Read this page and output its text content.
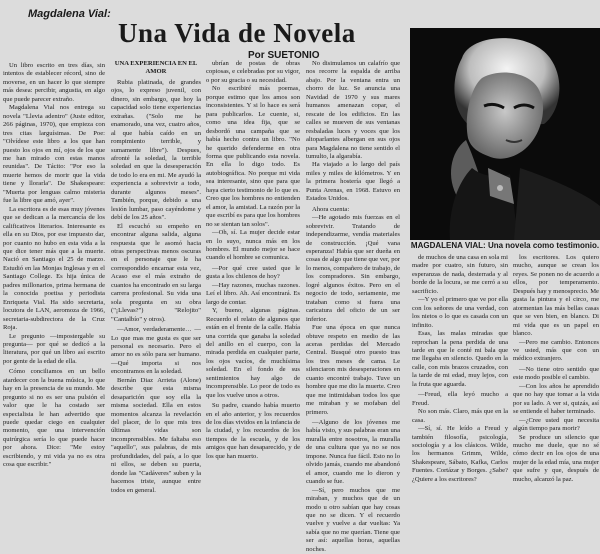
Magdalena Vial:
Una Vida de Novela
Por SUETONIO

Un libro escrito en tres días, sin intentos de establecer récord, sino de moverse, en un hacer lo que siempre más desea: percibir, angustia, en algo que puede parecer extraño.

Magdalena Vial nos entrega su novela "Llevia adentro" (Juste editor, 266 páginas, 1970), que empieza con tres citas larguísimas. De Poe: "Olvídese este libro a los que han puesto los ojos en mí, ojos de los que me han mirado con estas manos reunidas". De Tácito: "Por eso la muerte hemos de morir que la vida tiene y llorarla". De Shakespeare: "Muerta por lenguas calmo misteria fue la libre que amó, ayer".

La escritora es de esas muy jóvenes que se dedican a la mercancía de los calificativos literarios. Interesante es ella en su Dios, por ese impuesto dar, por cuanto no hubo en esta vida a la que dice tener más que a la muerte. Nació en Santiago el 25 de marzo. Estudió en las Monjas Inglesas y en el Santiago College. Es hija única de padres millonarios, prima hermana de la conocida poetisa y periodista Enriqueta Vial. Ha sido secretaria, locutora de LAN, aeromoza de 1966, secretaria-subdirectora de la Cruz Roja.

Le pregunto —impostergable su pregunta— por qué se dedicó a la literatura, por qué un libro así escrito por gente de la edad de ella.

Cómo conciliamos en un bello atardecer con la buena música, lo que hay en la presencia de su mundo. Me pregunto si no es ser una pulsión el valor que le ha costado ser especialista le han advertido que puede quedar ciego en cualquier momento, que una intervención quirúrgica sería lo que puede hacer por ahora. Dice: "Me estoy escribiendo, y mi vida ya no es otra cosa que escribir."

UNA EXPERIENCIA EN EL AMOR

Rubia platinada, de grandes ojos, lo expreso juvenil, con dinero, sin embargo, que hoy la capacidad solo tiene experiencias extrañas. ("Solo me he enamorado, una vez, cuatro años, al que había caído en un rompimiento terrible, y sumamente libre"). Despues, afronté la soledad, la terrible soledad en que la desesperación de todo lo era en mi. Me ayudó la experiencia a sobrevivir a todo, durante algunos meses". También, porque, debido a una lesión lumbar, paso cayéndome y debí de los 25 años".

El escuchó su empeño en encontrar alguna salida, alguna respuesta que le asomó hacia otras perspectivas menos oscuras en el personaje que le ha correspondido encarnar esta vez, Acaso ese el más extraño de cuantos ha encontrado en su larga carrera profesional. Su vida una sola pregunta en su obra ("¡Llevas?") "Relojito" "Cantalbío" y otros).

—Amor, verdaderamente… —Lo que mas me gusta es que ser personal es necesario. Pero el amor no es sólo para ser humano. —Qué importa si nos encontramos en la soledad.

Bernán Diaz Arrieta (Alone) describe que esta misma desaparición que soy ella la misma sociedad. Ella en estos momentos alcanza la revelación del placer, de lo que mis tres últimas vidas son incomprensibles. Me faltaba eso "aquello", sus palabras, de mis profundidades, del país, a lo que ni ellos, se deben su puerta, donde las "Cadáveres" suben y la hacemos triste, aunque entre todos en general.

ubrían de postas de obras copiosas, e celebradas por su vigor, o por su gracia o su necesidad.

No escribiré más poemas, porque estimo que los amos son inconsistentes. Y si lo hace es será para publicarlos. Le cuente, si, como una idea fija, que se desbordó una campaña que se había hecho contra un libro. "No he querido defenderme en otra forma que publicando esta novela. En ella lo digo todo. Es autobiográfica. No porque mi vida sea interesante, sino que para que haya cierto testimonio de lo que es. Creo que los hombres no entienden el amor, la amistad. La razón por la que escribí es para que los hombres no se sientan tan solos".

—Oh, sí. La mujer decide estar en lo suyo, nunca más en los hombres. El mundo mejor se hace cuando el hombre se comunica.

—Por qué cree usted que le gusta a los chilenos de hoy?

—Hay razones, muchas razones. Leí el libro. Ah. Así encontrará. Es largo de contar.

Y, bueno, algunas páginas. Recuerdo el relato de algunos que están en el frente de la calle. Había una corrida que ganaba la soledad del anillo en el cuerpo, con la mirada perdida en cualquier parte, los ojos vacíos, de muchísima soledad. En el fondo de sus sentimientos hay algo de incomprensible. Lo peor de todo es que los vuelve unos a otros.

Su padre, cuando había muerto en el año anterior, y los recuerdos de los días vividos en la infancia de la ciudad, y los recuerdos de los tiempos de la escuela, y de los amigos que han desaparecido, y de los que han muerto.

No disimulamos un calafrío que nos recorre la espalda de arriba abajo. Por la ventana entra un chorro de luz. Se anuncia una Navidad de 1970 y sus mares humanos amenazan copar, el rescate de los edificios. En las calles se mueven de sus ventanas resbaladas luces y voces que los altoparlantes albergan en sus ojos para Magdalena no tiene sentido el tumulto, la algarabía.

Ha viajado a lo largo del país miles y miles de kilómetros. Y en la primera hostería que llegó a Punta Arenas, en 1968. Estuvo en Estados Unidos.

Ahora cuenta:

—He agotado mis fuerzas en el sobrevivir. Tratando de independizarme, vendía materiales de construcción. ¡Qué vana esperanza! Había que ser dueña en cosas de algo que tiene que ver, por lo menos, compañero de trabajo, de los compradores. Sin embargo, logré algunos éxitos. Pero en el negocio de todo, seriamente, me trataban como si fuera una caricatura del oficio de un ser inferior.

Fue una época en que nunca obtuve respeto en medio de las aceras perdidas del Mercado Central. Busqué otro puesto tras los tres meses de cama. Le silenciaron mis desesperaciones en cuanto encontré trabajo. Tuve un hombre que me dio la muerte. Creo que me intimidaban todos los que me miraban y se mofaban del primero.

—Alguno de los jóvenes me había visto, y sus palabras eran una muralla entre nosotros, la muralla de una cultura que ya no se nos impone. Nunca fue fácil. Esto no lo olvido jamás, cuando me abandonó el amor, cuando me lo dieron y cuando se fue.

—Sí, pero muchos que me miraban, y muchos que de un modo u otro sabían que hay cosas que no se dicen. Y el recuerdo vuelve y vuelve a dar vueltas: Ya sabía que no me querían. Tiene que ser así: aquellas horas, aquellas noches.

MAGDALENA VIAL: Una novela como testimonio.

de muchos de una casa en sola mi madre por cuatro, sin futuro, sin esperanzas de nada, desterrada y al borde de la locura, se me cerró a su sacrificio.

—Y yo el primero que ve por ella con los señores de una verdad, con los nietos o lo que es casada con un infinito.

Esas, las malas miradas que reprochan la pena perdida de una tarde en que le conté mi bala que me llegaba en silencio. Quedo en la calle, con mis brazos cruzados, con la tarde de mi edad, muy lejos, con la fruta que aguarda.

—Freud, ella leyó mucho a Freud.

No son más. Claro, más que en la casa.

—Sí, sí. He leído a Freud y también filosofía, psicología, sociología y a los clásicos. Wilde, los hermanos Grimm, Wilde, Shakespeare, Sábato, Kafka, Carlos Fuentes. Cortázar y Borges. ¿Sabe? ¿Quiere a los escritores?

los escritores. Los quiero mucho, aunque se crean los reyes. Se ponen no de acuerdo a ellos, por temperamento. Después hay y menosprecio. Me gusta la pintura y el circo, me atormentan las más bellas casas que se ven bien, en blanco. Di mi vida que es un papel en blanco.

—Pero me cambio. Entonces ve usted, más que con un médico extranjero.

—No tiene otro sentido que este modo posible el cambio.

—Con los años he aprendido que no hay que tomar a la vida por su lado. A ver si, quizás, así se entiende el haber terminado.

—¿Cree usted que necesita algún tiempo para morir?

Se produce un silencio que mucho me duele, que no sé cómo decir en los ojos de una mujer de la edad mía, una mujer que sufre y que, después de mucho, alcanzó la paz.
